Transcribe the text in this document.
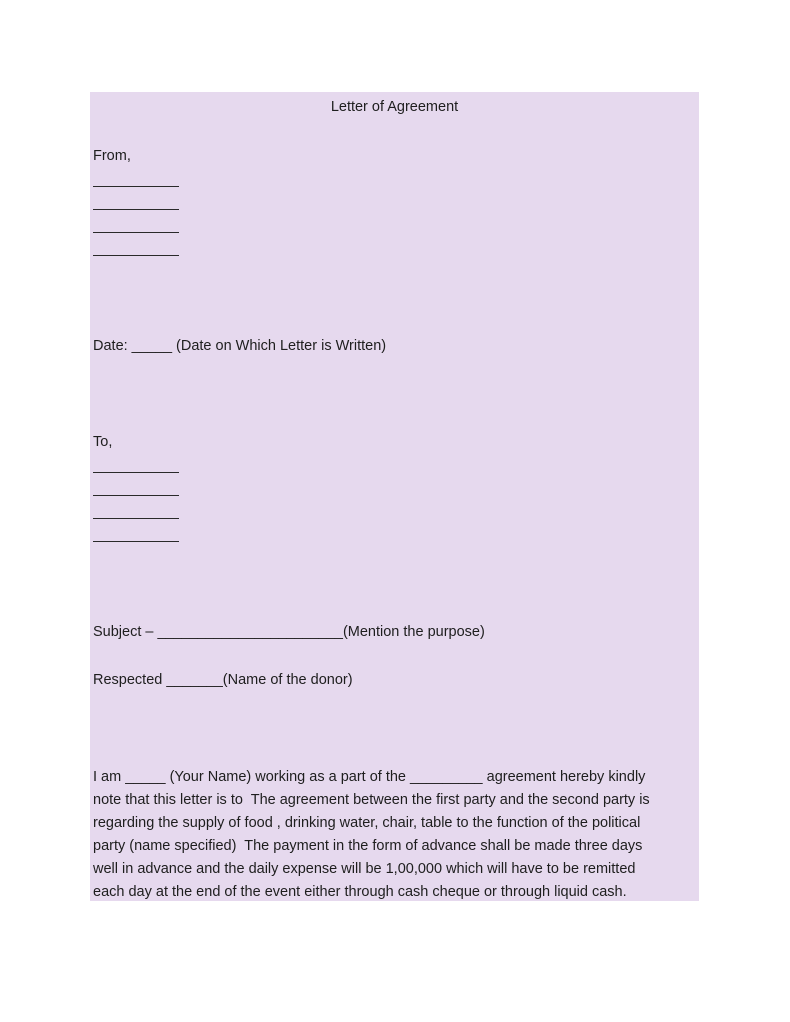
Letter of Agreement
From,
Date: _____ (Date on Which Letter is Written)
To,
Subject – _______________________(Mention the purpose)
Respected _______(Name of the donor)
I am _____ (Your Name) working as a part of the _________ agreement hereby kindly
note that this letter is to  The agreement between the first party and the second party is
regarding the supply of food , drinking water, chair, table to the function of the political
party (name specified)  The payment in the form of advance shall be made three days
well in advance and the daily expense will be 1,00,000 which will have to be remitted
each day at the end of the event either through cash cheque or through liquid cash.
